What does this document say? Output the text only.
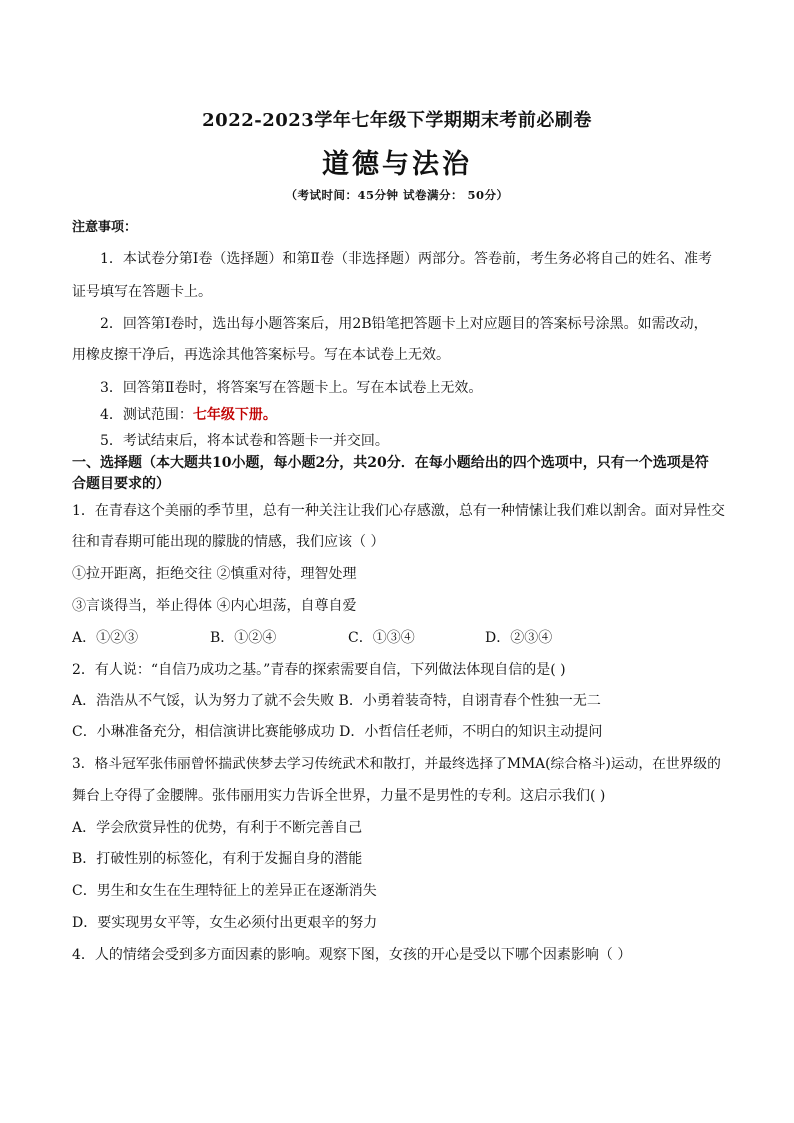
2022-2023学年七年级下学期期末考前必刷卷
道德与法治
（考试时间：45分钟 试卷满分： 50分）
注意事项：
1．本试卷分第Ⅰ卷（选择题）和第Ⅱ卷（非选择题）两部分。答卷前，考生务必将自己的姓名、准考
证号填写在答题卡上。
2．回答第Ⅰ卷时，选出每小题答案后，用2B铅笔把答题卡上对应题目的答案标号涂黑。如需改动，
用橡皮擦干净后，再选涂其他答案标号。写在本试卷上无效。
3．回答第Ⅱ卷时，将答案写在答题卡上。写在本试卷上无效。
4．测试范围：七年级下册。
5．考试结束后，将本试卷和答题卡一并交回。
一、选择题（本大题共10小题，每小题2分，共20分．在每小题给出的四个选项中，只有一个选项是符
合题目要求的）
1．在青春这个美丽的季节里，总有一种关注让我们心存感激，总有一种情愫让我们难以割舍。面对异性交
往和青春期可能出现的朦胧的情感，我们应该（ ）
①拉开距离，拒绝交往 ②慎重对待，理智处理
③言谈得当，举止得体 ④内心坦荡，自尊自爱
A．①②③	B．①②④	C．①③④	D．②③④
2．有人说：“自信乃成功之基。”青春的探索需要自信，下列做法体现自信的是( )
A．浩浩从不气馁，认为努力了就不会失败 B．小勇着装奇特，自诩青春个性独一无二
C．小琳准备充分，相信演讲比赛能够成功 D．小哲信任老师，不明白的知识主动提问
3．格斗冠军张伟丽曾怀揣武侠梦去学习传统武术和散打，并最终选择了MMA(综合格斗)运动，在世界级的
舞台上夺得了金腰牌。张伟丽用实力告诉全世界，力量不是男性的专利。这启示我们( )
A．学会欣赏异性的优势，有利于不断完善自己
B．打破性别的标签化，有利于发掘自身的潜能
C．男生和女生在生理特征上的差异正在逐渐消失
D．要实现男女平等，女生必须付出更艰辛的努力
4．人的情绪会受到多方面因素的影响。观察下图，女孩的开心是受以下哪个因素影响（ ）
